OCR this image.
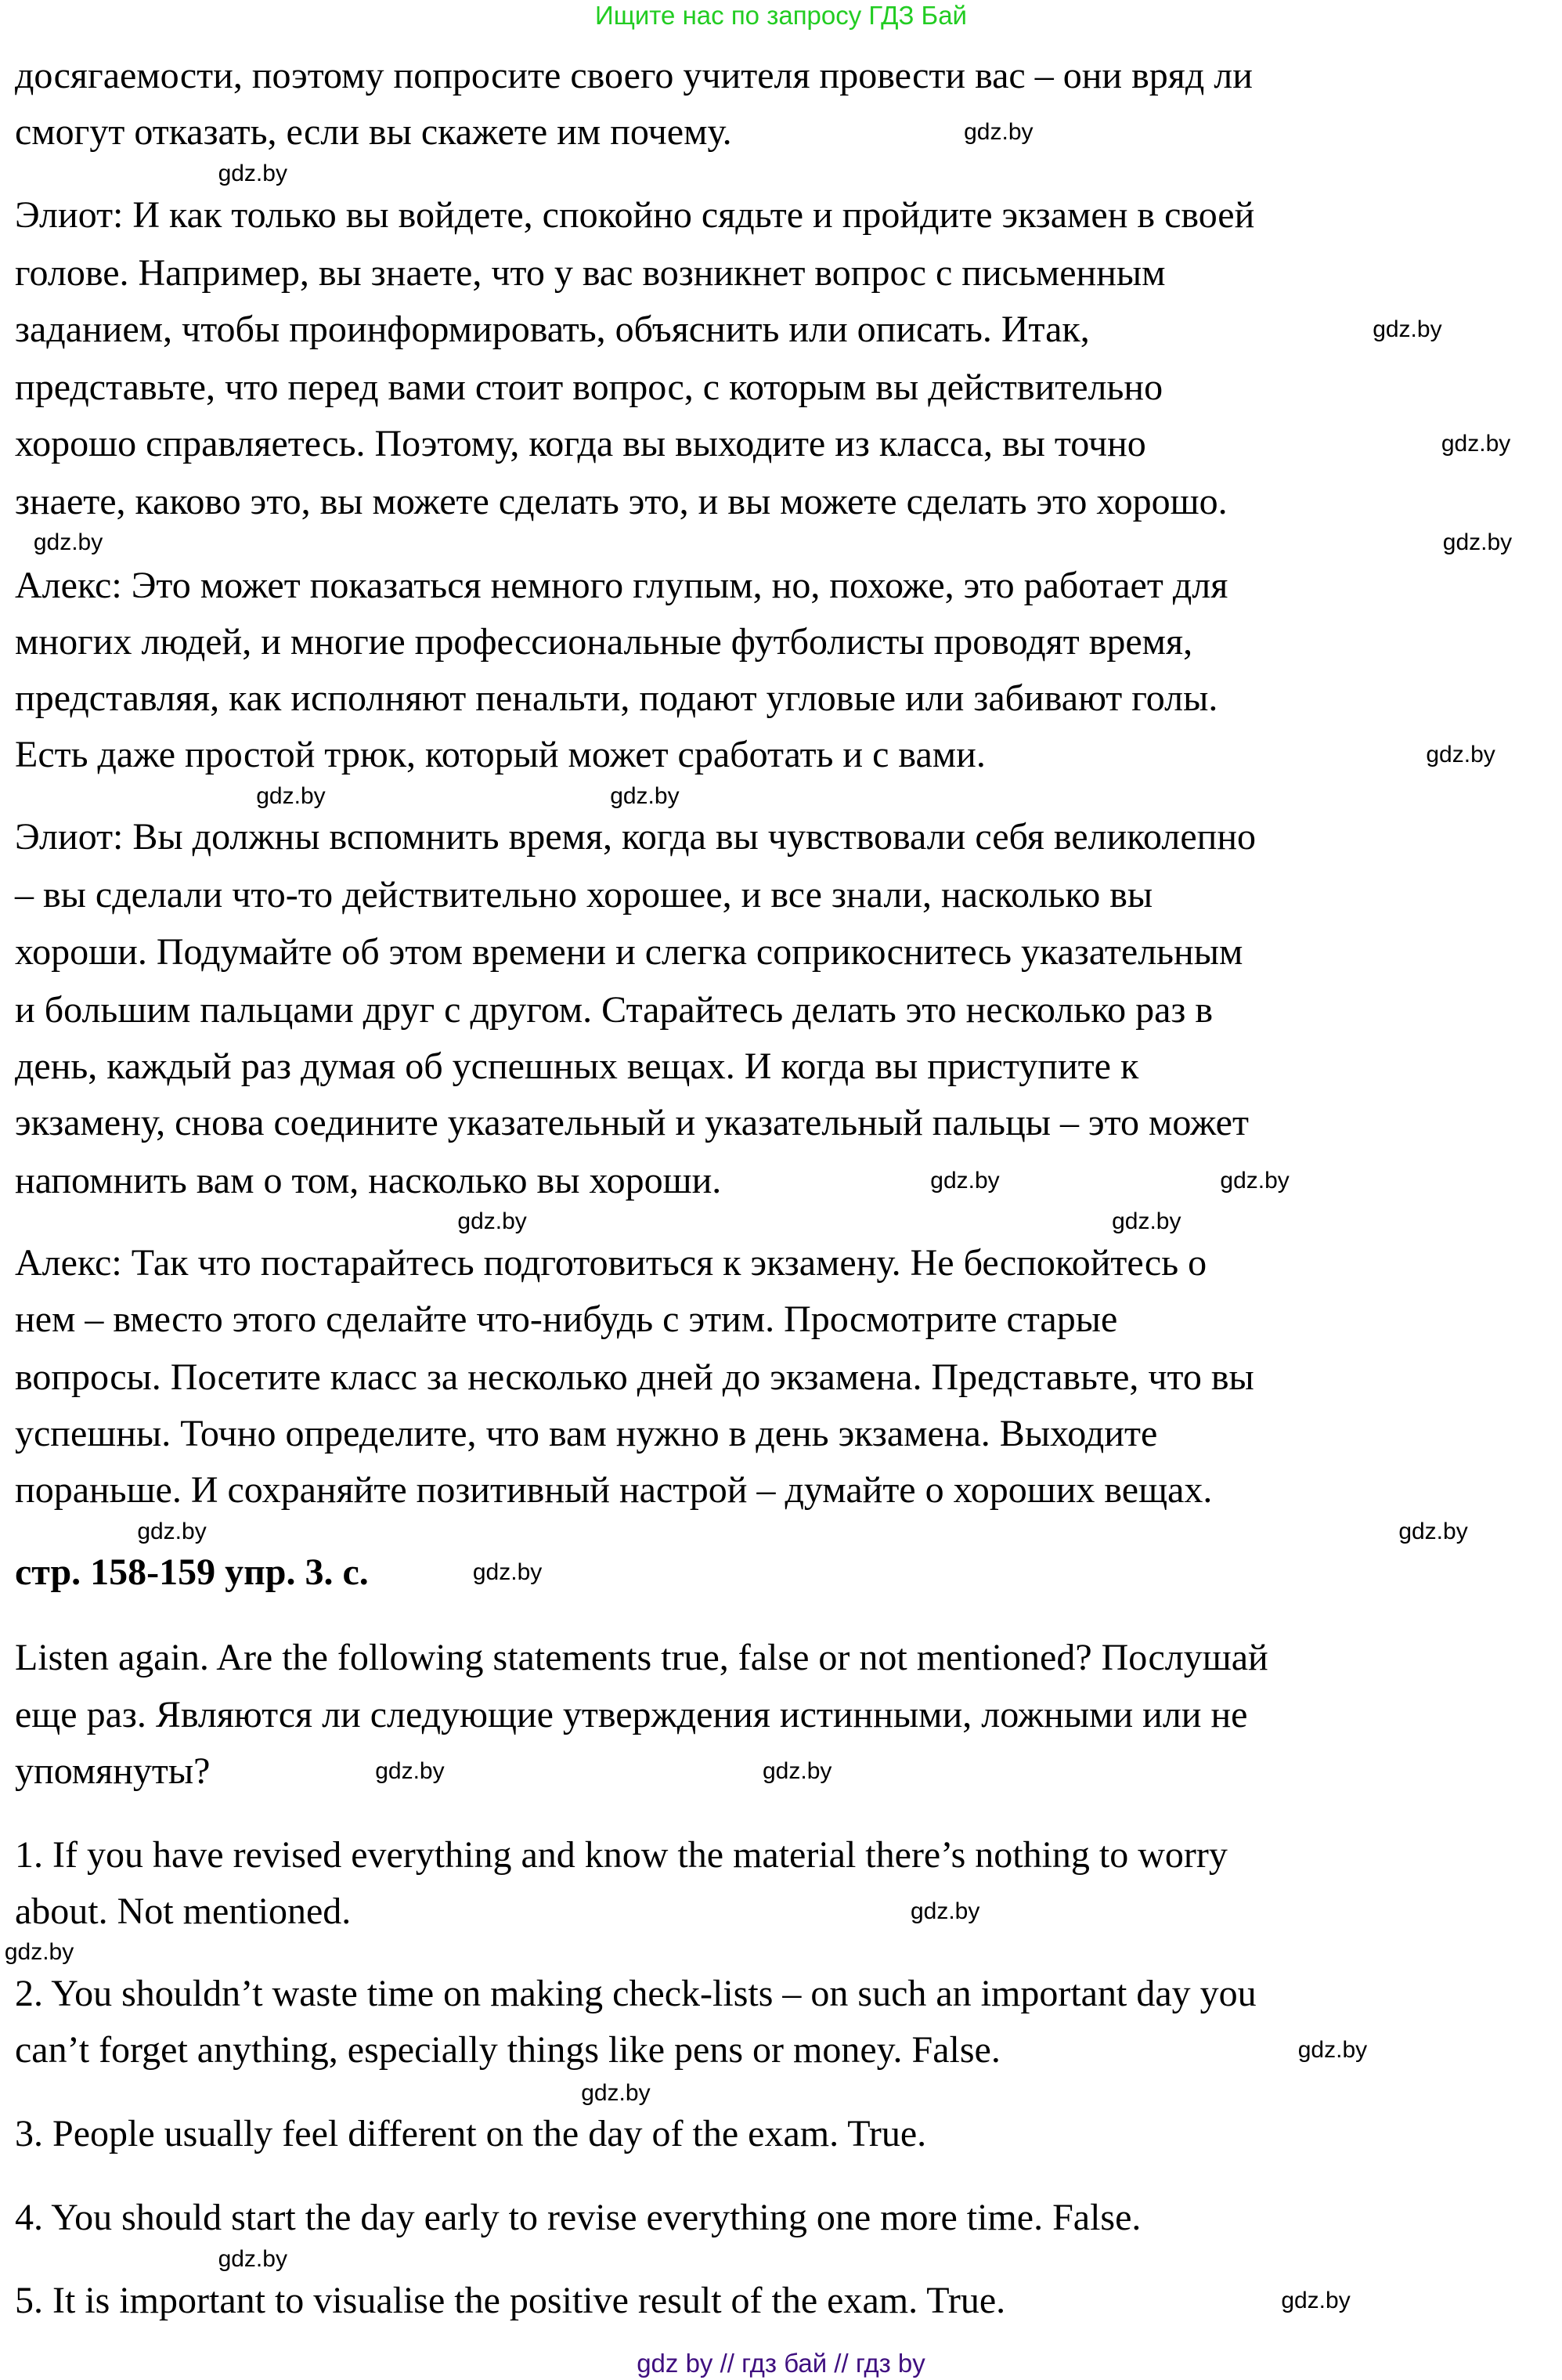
Ищите нас по запросу ГДЗ Бай
досягаемости, поэтому попросите своего учителя провести вас – они вряд ли
смогут отказать, если вы скажете им почему.
Элиот: И как только вы войдете, спокойно сядьте и пройдите экзамен в своей
голове. Например, вы знаете, что у вас возникнет вопрос с письменным
заданием, чтобы проинформировать, объяснить или описать. Итак,
представьте, что перед вами стоит вопрос, с которым вы действительно
хорошо справляетесь. Поэтому, когда вы выходите из класса, вы точно
знаете, каково это, вы можете сделать это, и вы можете сделать это хорошо.
Алекс: Это может показаться немного глупым, но, похоже, это работает для
многих людей, и многие профессиональные футболисты проводят время,
представляя, как исполняют пенальти, подают угловые или забивают голы.
Есть даже простой трюк, который может сработать и с вами.
Элиот: Вы должны вспомнить время, когда вы чувствовали себя великолепно
– вы сделали что-то действительно хорошее, и все знали, насколько вы
хороши. Подумайте об этом времени и слегка соприкоснитесь указательным
и большим пальцами друг с другом. Старайтесь делать это несколько раз в
день, каждый раз думая об успешных вещах. И когда вы приступите к
экзамену, снова соедините указательный и указательный пальцы – это может
напомнить вам о том, насколько вы хороши.
Алекс: Так что постарайтесь подготовиться к экзамену. Не беспокойтесь о
нем – вместо этого сделайте что-нибудь с этим. Просмотрите старые
вопросы. Посетите класс за несколько дней до экзамена. Представьте, что вы
успешны. Точно определите, что вам нужно в день экзамена. Выходите
пораньше. И сохраняйте позитивный настрой – думайте о хороших вещах.
стр. 158-159 упр. 3. c.
Listen again. Are the following statements true, false or not mentioned? Послушай
еще раз. Являются ли следующие утверждения истинными, ложными или не
упомянуты?
1. If you have revised everything and know the material there’s nothing to worry
about. Not mentioned.
2. You shouldn’t waste time on making check-lists – on such an important day you
can’t forget anything, especially things like pens or money. False.
3. People usually feel different on the day of the exam. True.
4. You should start the day early to revise everything one more time. False.
5. It is important to visualise the positive result of the exam. True.
gdz by // гдз бай // гдз by
gdz.by
gdz.by
gdz.by
gdz.by
gdz.by
gdz.by
gdz.by
gdz.by
gdz.by
gdz.by
gdz.by
gdz.by
gdz.by
gdz.by
gdz.by
gdz.by
gdz.by
gdz.by
gdz.by
gdz.by
gdz.by
gdz.by
gdz.by
gdz.by
